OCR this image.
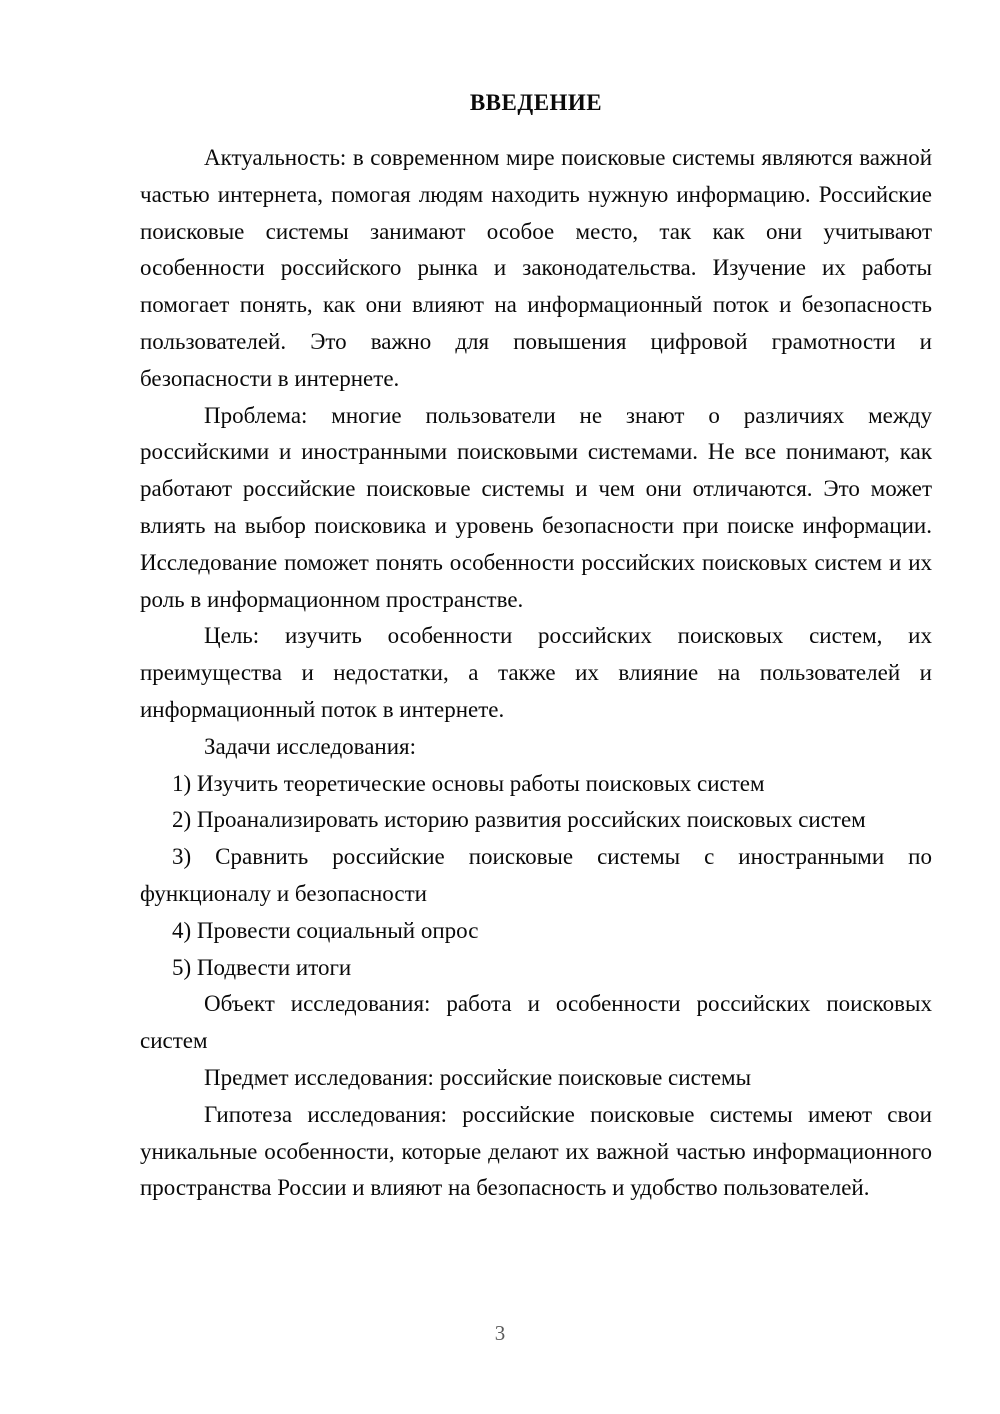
ВВЕДЕНИЕ

Актуальность: в современном мире поисковые системы являются важной частью интернета, помогая людям находить нужную информацию. Российские поисковые системы занимают особое место, так как они учитывают особенности российского рынка и законодательства. Изучение их работы помогает понять, как они влияют на информационный поток и безопасность пользователей. Это важно для повышения цифровой грамотности и безопасности в интернете.

Проблема: многие пользователи не знают о различиях между российскими и иностранными поисковыми системами. Не все понимают, как работают российские поисковые системы и чем они отличаются. Это может влиять на выбор поисковика и уровень безопасности при поиске информации. Исследование поможет понять особенности российских поисковых систем и их роль в информационном пространстве.

Цель: изучить особенности российских поисковых систем, их преимущества и недостатки, а также их влияние на пользователей и информационный поток в интернете.

Задачи исследования:

1) Изучить теоретические основы работы поисковых систем

2) Проанализировать историю развития российских поисковых систем

3) Сравнить российские поисковые системы с иностранными по функционалу и безопасности

4) Провести социальный опрос

5) Подвести итоги

Объект исследования: работа и особенности российских поисковых систем

Предмет исследования: российские поисковые системы

Гипотеза исследования: российские поисковые системы имеют свои уникальные особенности, которые делают их важной частью информационного пространства России и влияют на безопасность и удобство пользователей.

3
